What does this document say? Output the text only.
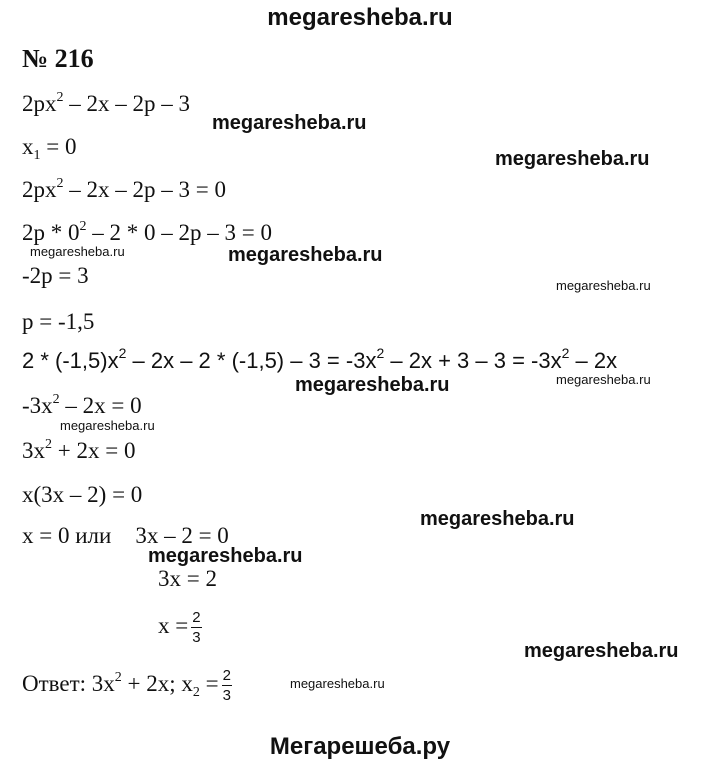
megaresheba.ru
№ 216
$2px^2 - 2x - 2p - 3$
$x_1 = 0$
$2px^2 - 2x - 2p - 3 = 0$
$2p * 0^2 - 2 * 0 - 2p - 3 = 0$
-2p = 3
p = -1,5
$2 * (-1,5)x^2 - 2x - 2 * (-1,5) - 3 = -3x^2 - 2x + 3 - 3 = -3x^2 - 2x$
$-3x^2 - 2x = 0$
$3x^2 + 2x = 0$
x(3x – 2) = 0
x = 0 или 3x – 2 = 0
3x = 2
$x = \frac{2}{3}$
Ответ: $3x^2 + 2x$; $x_2 = \frac{2}{3}$
megaresheba.ru
megaresheba.ru
megaresheba.ru	megaresheba.ru
megaresheba.ru
megaresheba.ru	megaresheba.ru
megaresheba.ru
megaresheba.ru
megaresheba.ru
megaresheba.ru
megaresheba.ru
Мегарешеба.ру
